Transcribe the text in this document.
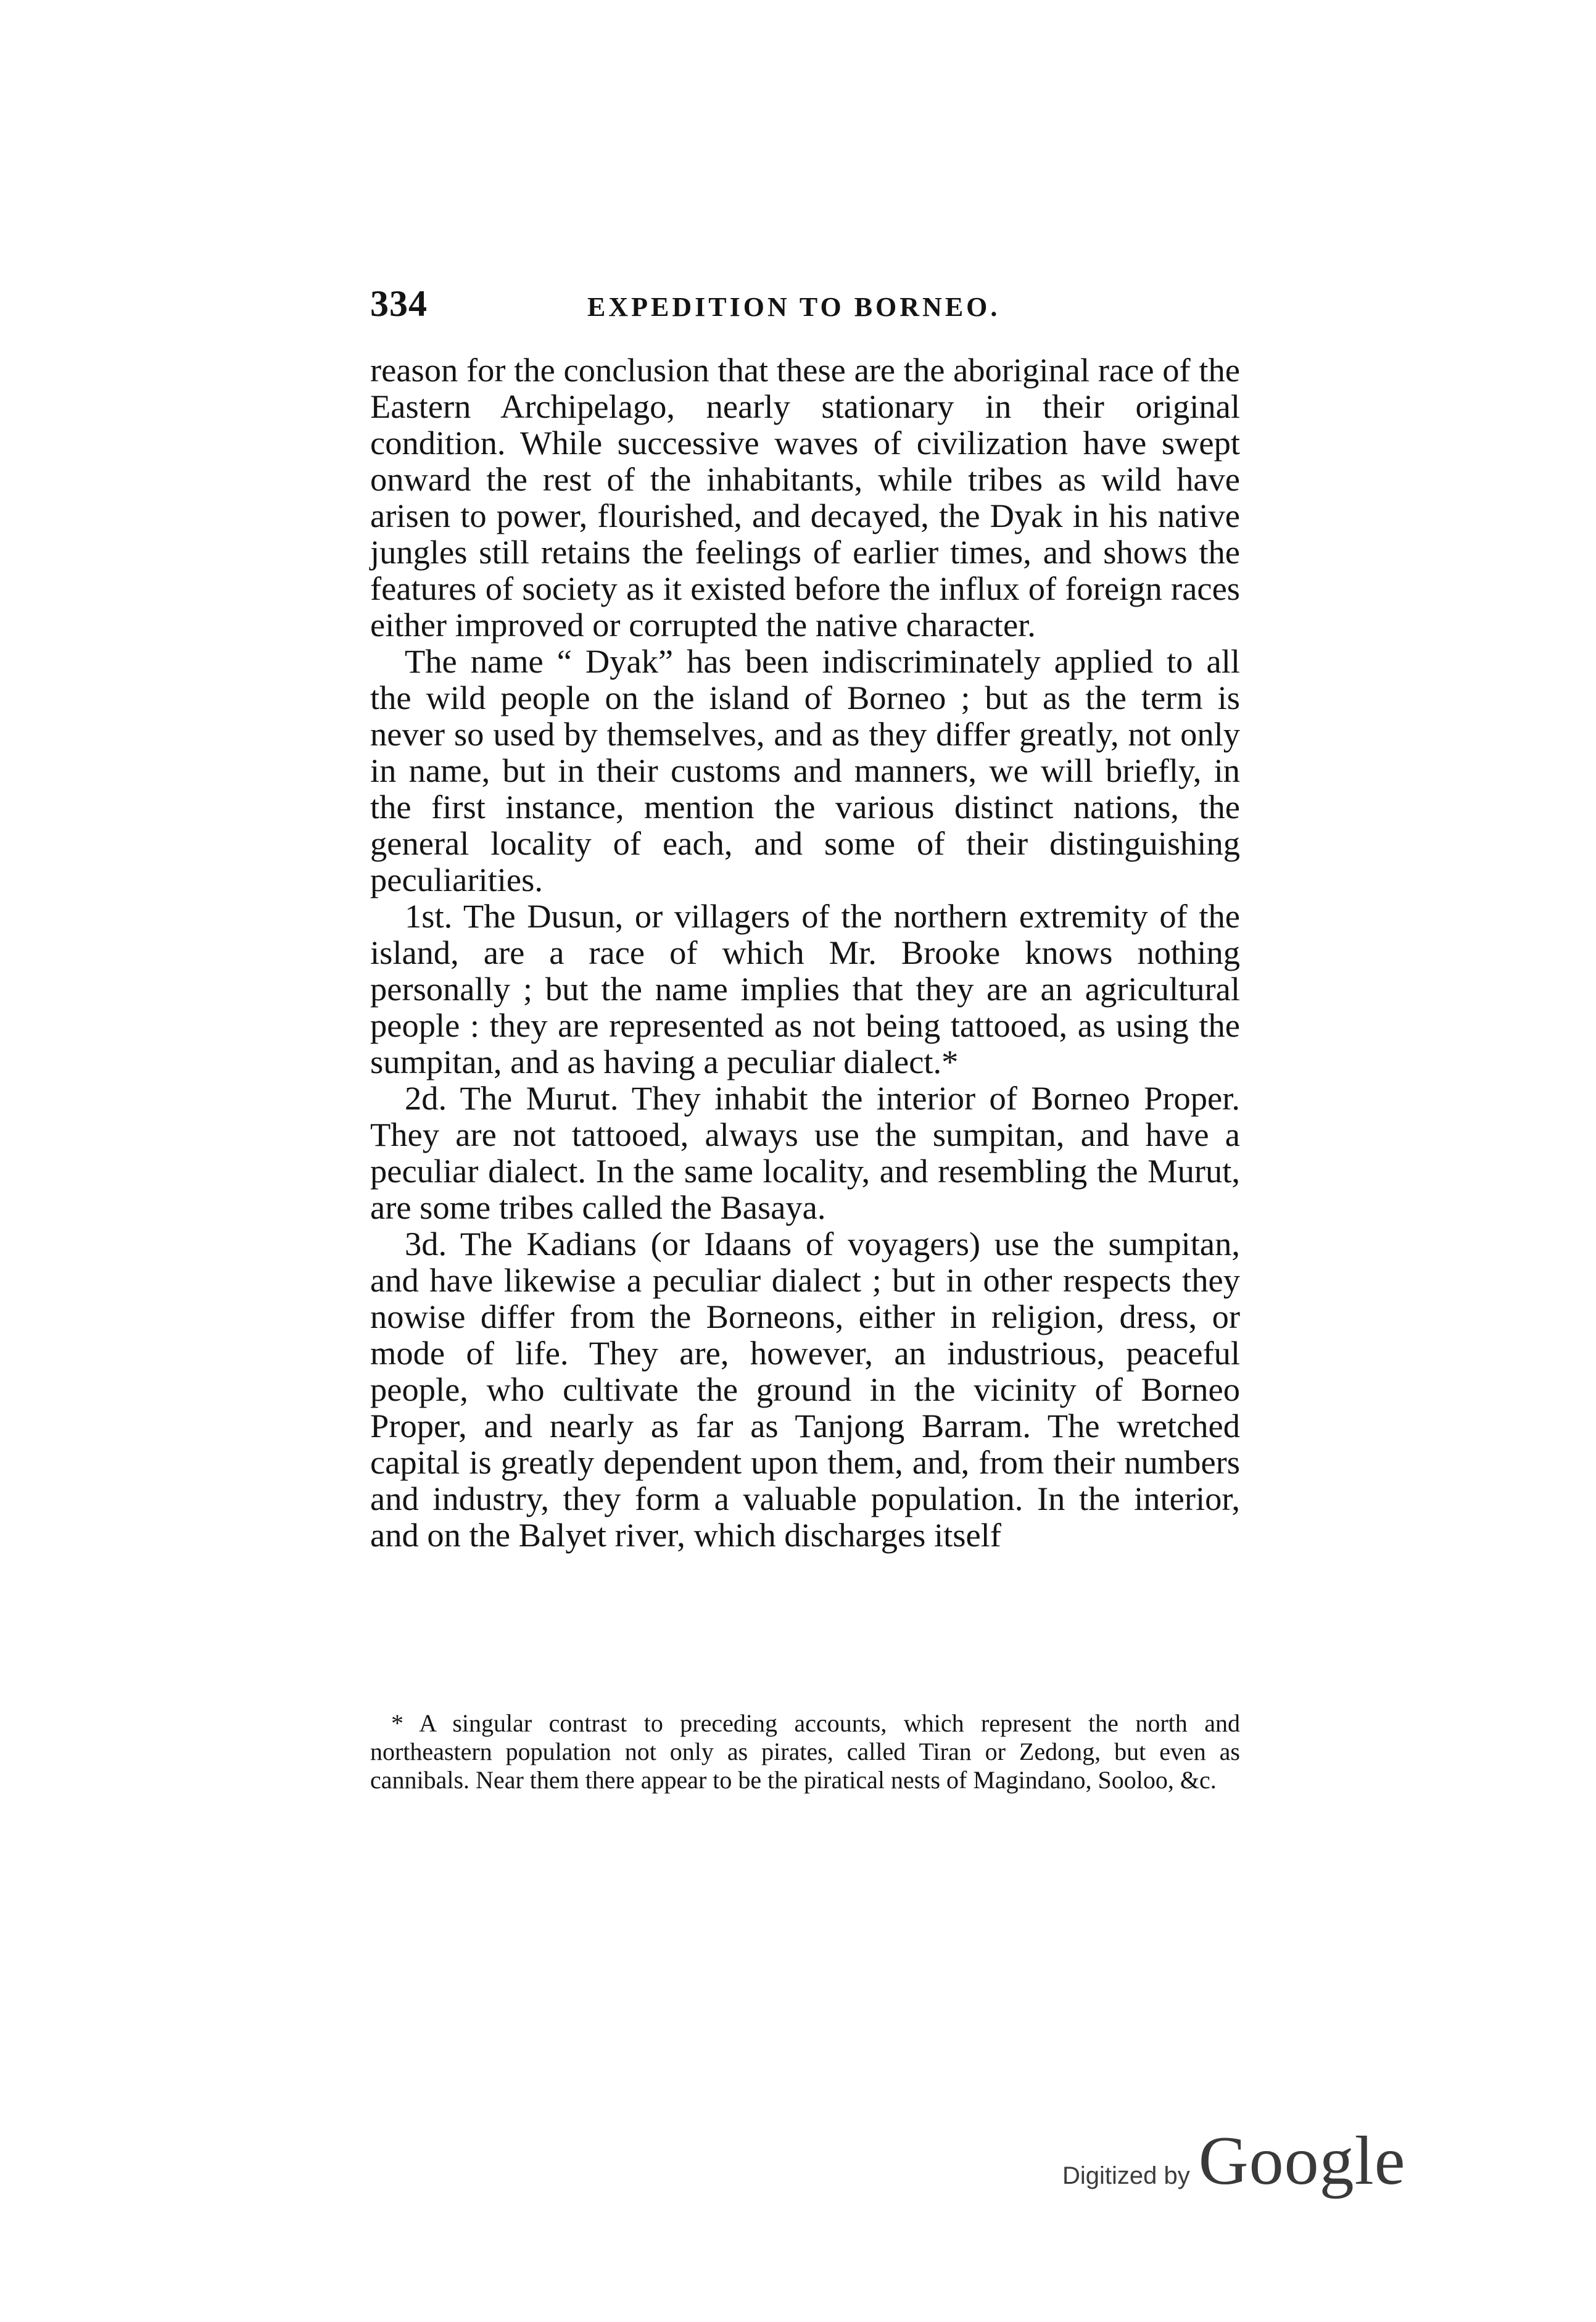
334	EXPEDITION TO BORNEO.

reason for the conclusion that these are the aboriginal race of the Eastern Archipelago, nearly stationary in their original condition. While successive waves of civilization have swept onward the rest of the inhabitants, while tribes as wild have arisen to power, flourished, and decayed, the Dyak in his native jungles still retains the feelings of earlier times, and shows the features of society as it existed before the influx of foreign races either improved or corrupted the native character.

The name “ Dyak” has been indiscriminately applied to all the wild people on the island of Borneo ; but as the term is never so used by themselves, and as they differ greatly, not only in name, but in their customs and manners, we will briefly, in the first instance, mention the various distinct nations, the general locality of each, and some of their distinguishing peculiarities.

1st. The Dusun, or villagers of the northern extremity of the island, are a race of which Mr. Brooke knows nothing personally ; but the name implies that they are an agricultural people : they are represented as not being tattooed, as using the sumpitan, and as having a peculiar dialect.*

2d. The Murut. They inhabit the interior of Borneo Proper. They are not tattooed, always use the sumpitan, and have a peculiar dialect. In the same locality, and resembling the Murut, are some tribes called the Basaya.

3d. The Kadians (or Idaans of voyagers) use the sumpitan, and have likewise a peculiar dialect ; but in other respects they nowise differ from the Borneons, either in religion, dress, or mode of life. They are, however, an industrious, peaceful people, who cultivate the ground in the vicinity of Borneo Proper, and nearly as far as Tanjong Barram. The wretched capital is greatly dependent upon them, and, from their numbers and industry, they form a valuable population. In the interior, and on the Balyet river, which discharges itself

* A singular contrast to preceding accounts, which represent the north and northeastern population not only as pirates, called Tiran or Zedong, but even as cannibals. Near them there appear to be the piratical nests of Magindano, Sooloo, &c.

Digitized by Google
